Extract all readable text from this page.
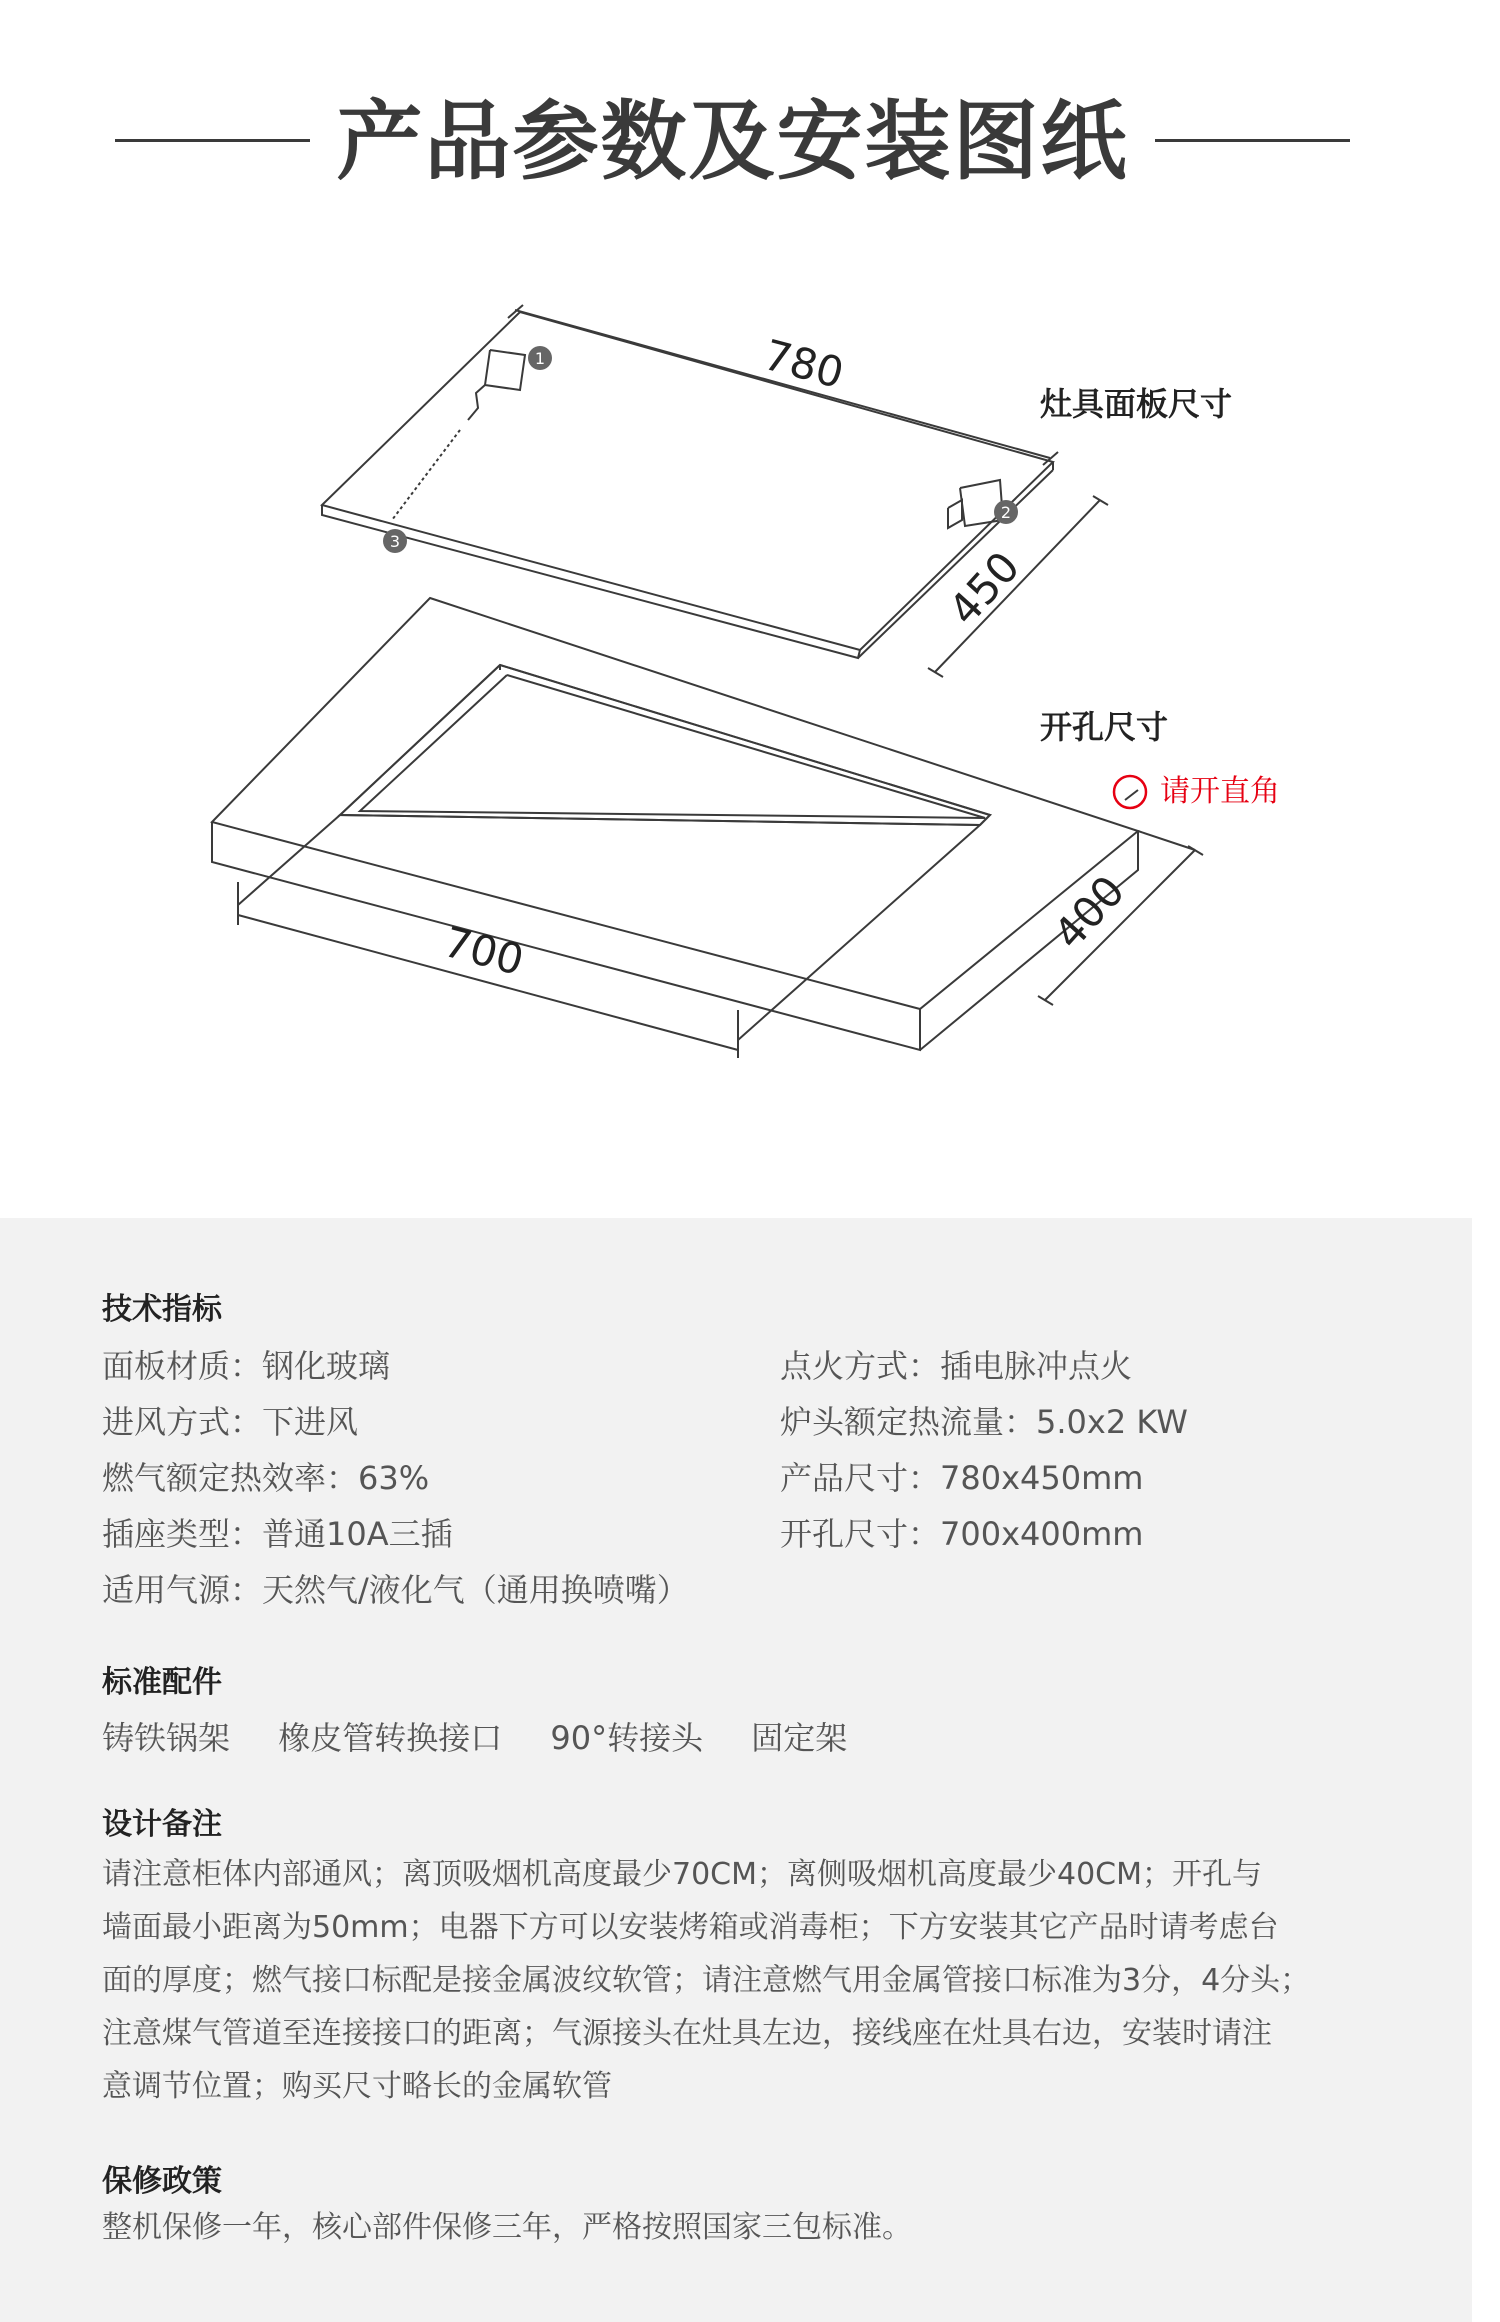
产品参数及安装图纸
1
2
3
灶具面板尺寸
780
450
开孔尺寸
请开直角
700	400
技术指标
面板材质：钢化玻璃
进风方式：下进风
燃气额定热效率：63%
插座类型：普通10A三插
适用气源：天然气/液化气（通用换喷嘴）
点火方式：插电脉冲点火
炉头额定热流量：5.0x2 KW
产品尺寸：780x450mm
开孔尺寸：700x400mm
标准配件
铸铁锅架 橡皮管转换接口 90°转接头 固定架
设计备注
请注意柜体内部通风；离顶吸烟机高度最少70CM；离侧吸烟机高度最少40CM；开孔与
墙面最小距离为50mm；电器下方可以安装烤箱或消毒柜；下方安装其它产品时请考虑台
面的厚度；燃气接口标配是接金属波纹软管；请注意燃气用金属管接口标准为3分，4分头；
注意煤气管道至连接接口的距离；气源接头在灶具左边，接线座在灶具右边，安装时请注
意调节位置；购买尺寸略长的金属软管
保修政策
整机保修一年，核心部件保修三年，严格按照国家三包标准。
